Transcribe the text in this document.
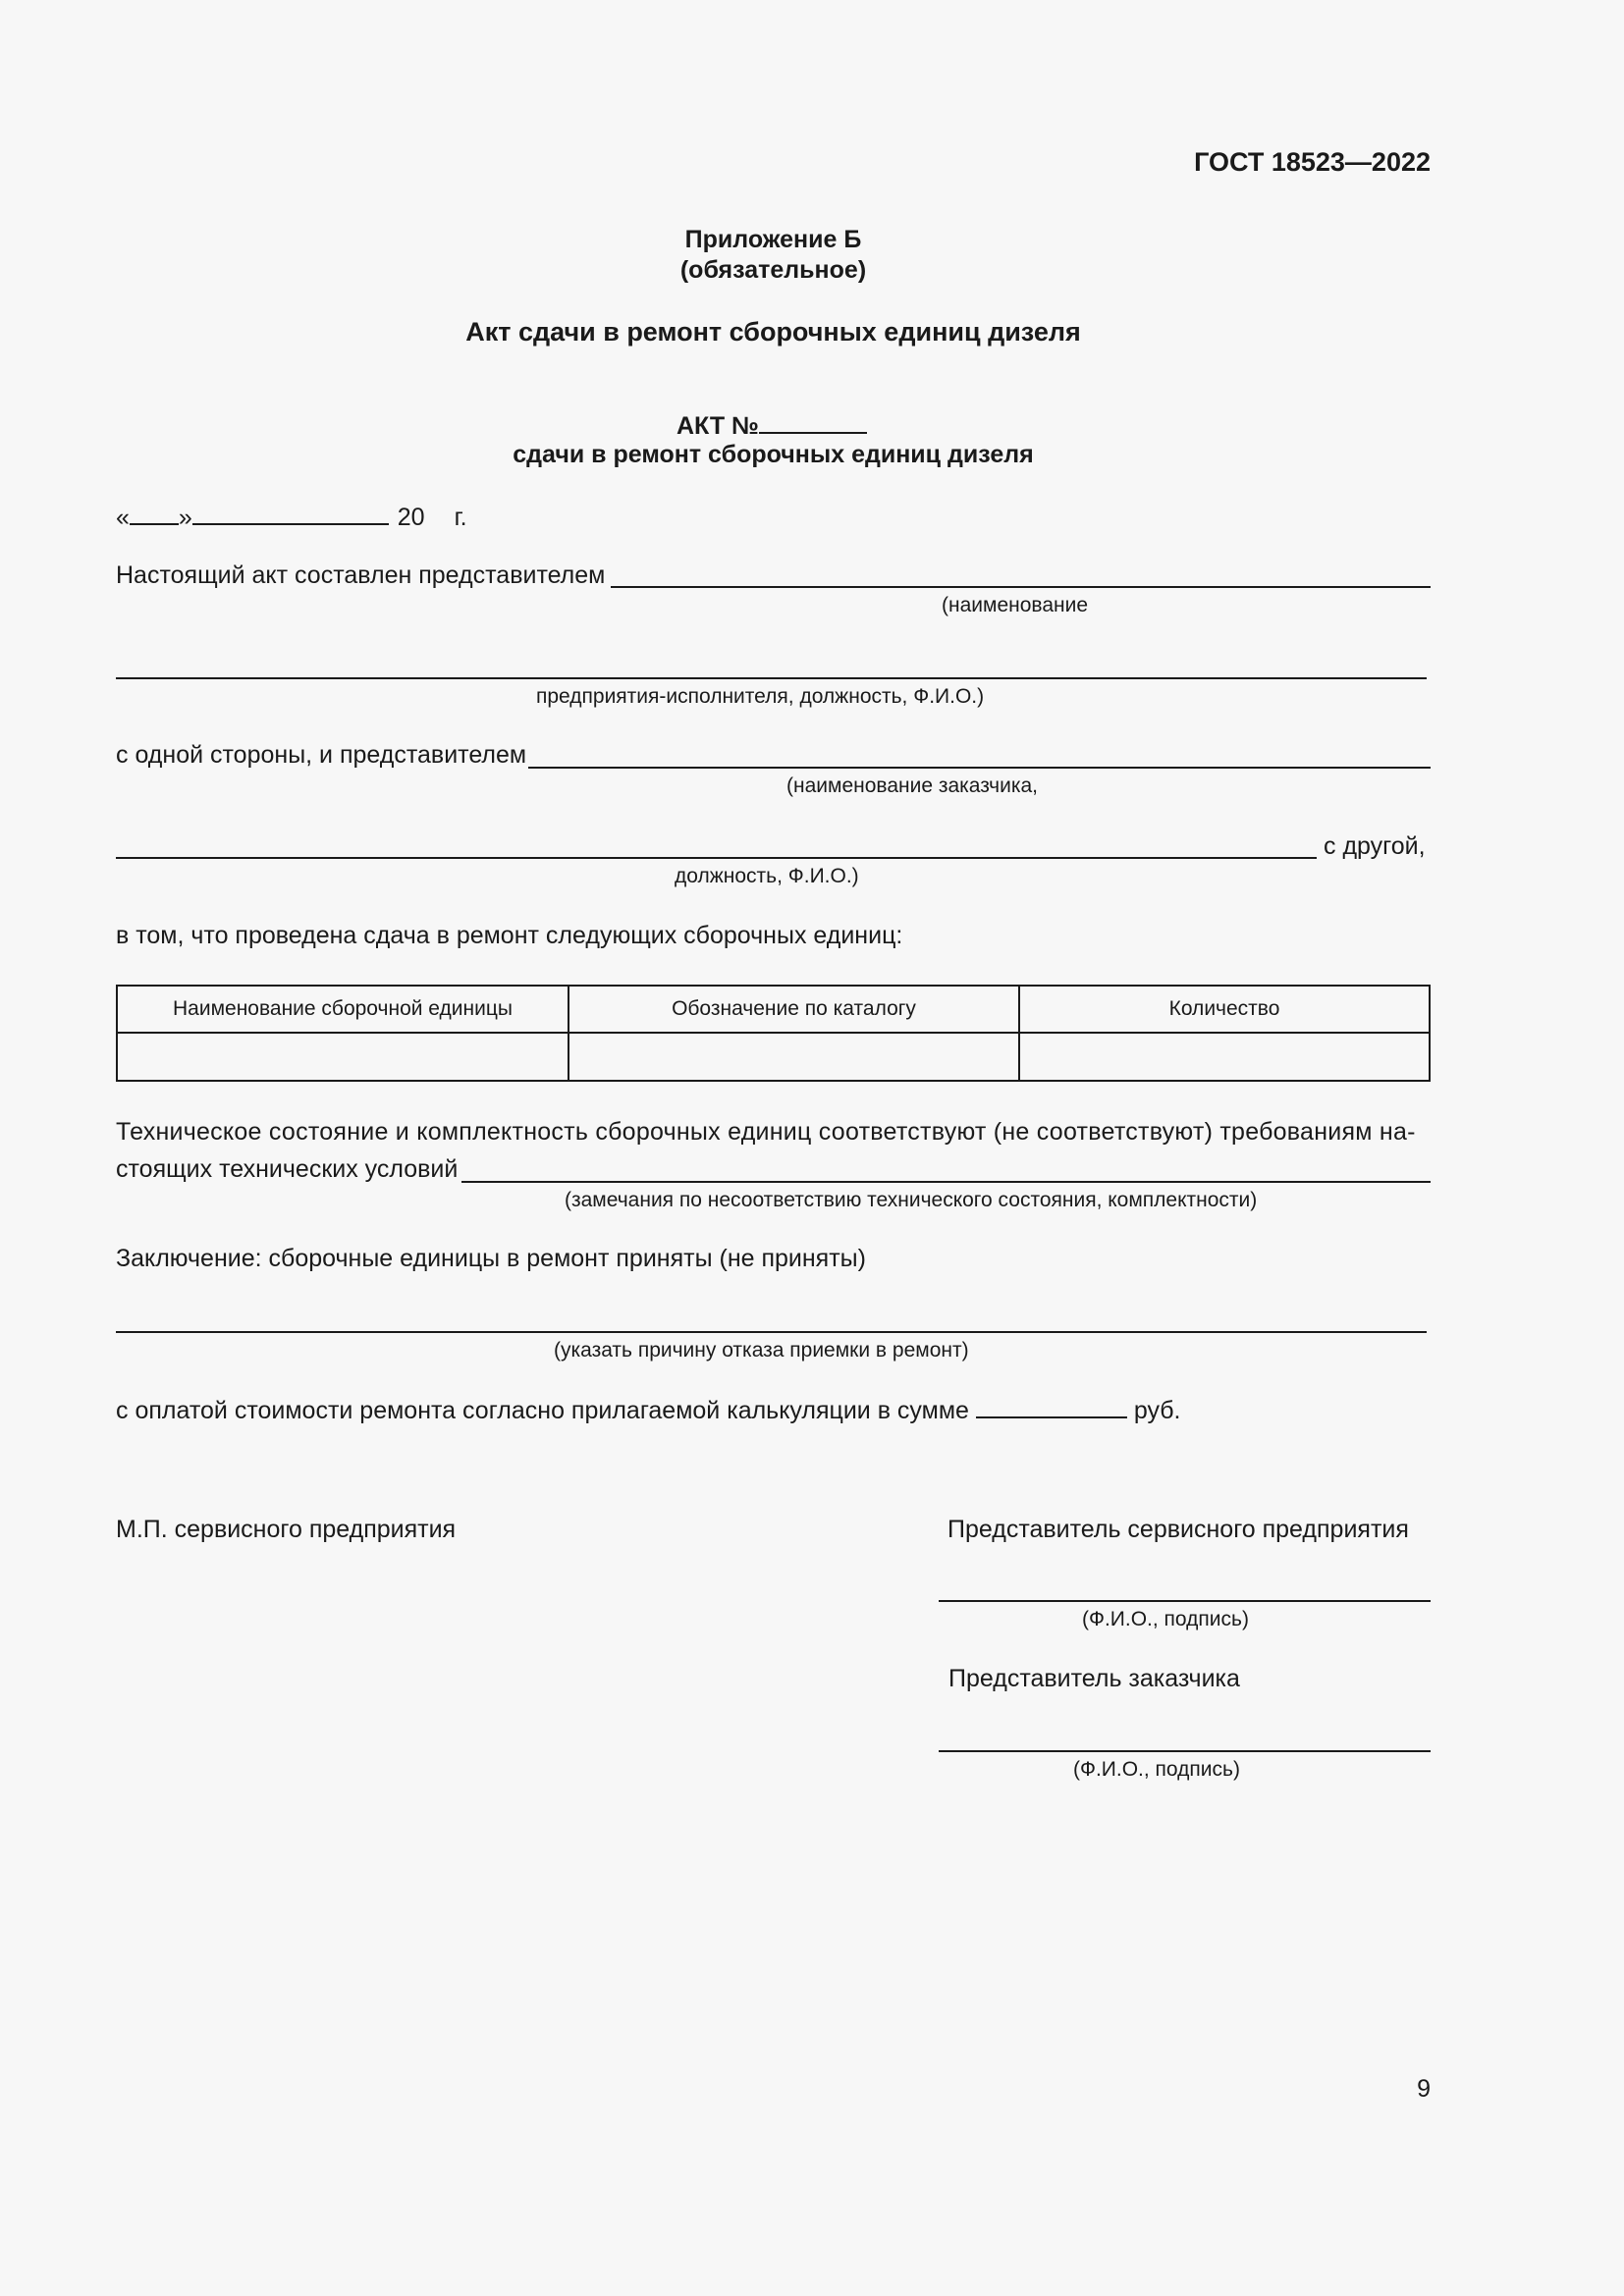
ГОСТ 18523—2022
Приложение Б
(обязательное)
Акт сдачи в ремонт сборочных единиц дизеля
АКТ №
сдачи в ремонт сборочных единиц дизеля
« »	20 г.
Настоящий акт составлен представителем
(наименование
предприятия-исполнителя, должность, Ф.И.О.)
с одной стороны, и представителем
(наименование заказчика,
с другой,
должность, Ф.И.О.)
в том, что проведена сдача в ремонт следующих сборочных единиц:
Наименование сборочной единицы	Обозначение по каталогу	Количество

Техническое состояние и комплектность сборочных единиц соответствуют (не соответствуют) требованиям на-
стоящих технических условий
(замечания по несоответствию технического состояния, комплектности)
Заключение: сборочные единицы в ремонт приняты (не приняты)
(указать причину отказа приемки в ремонт)
с оплатой стоимости ремонта согласно прилагаемой калькуляции в сумме	руб.
М.П. сервисного предприятия	Представитель сервисного предприятия
(Ф.И.О., подпись)
Представитель заказчика
(Ф.И.О., подпись)
9
